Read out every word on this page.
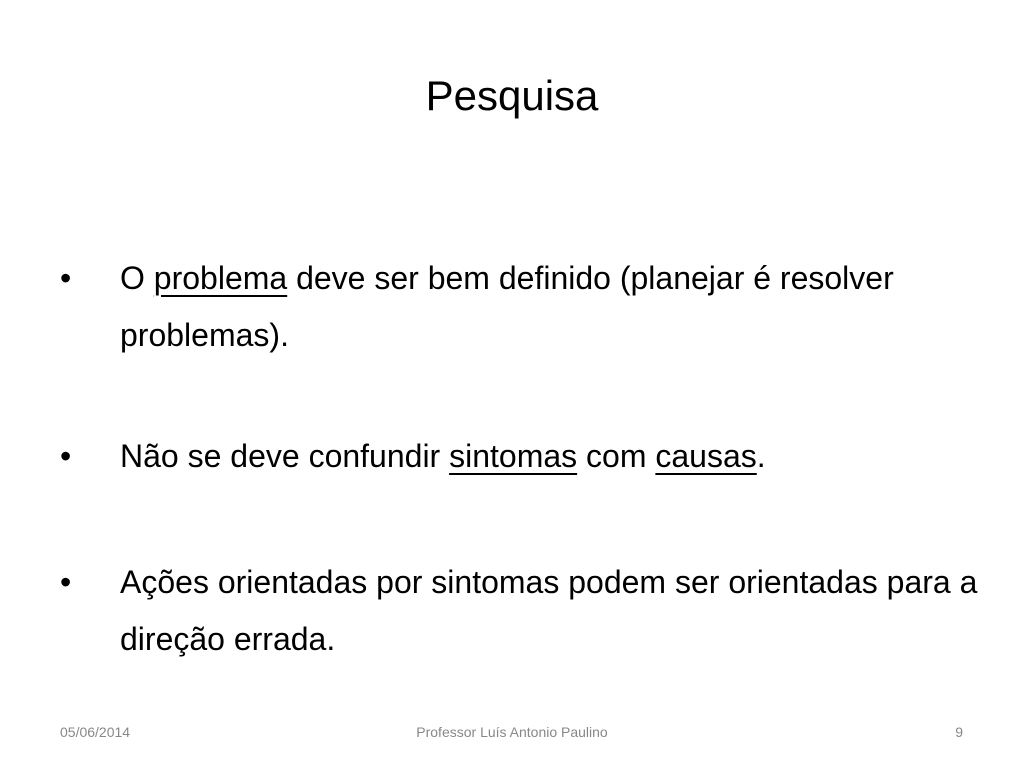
Pesquisa
•	O problema deve ser bem definido (planejar é resolver problemas).
•	Não se deve confundir sintomas com causas.
•	Ações orientadas por sintomas podem ser orientadas para a direção errada.
05/06/2014	Professor Luís Antonio Paulino	9
